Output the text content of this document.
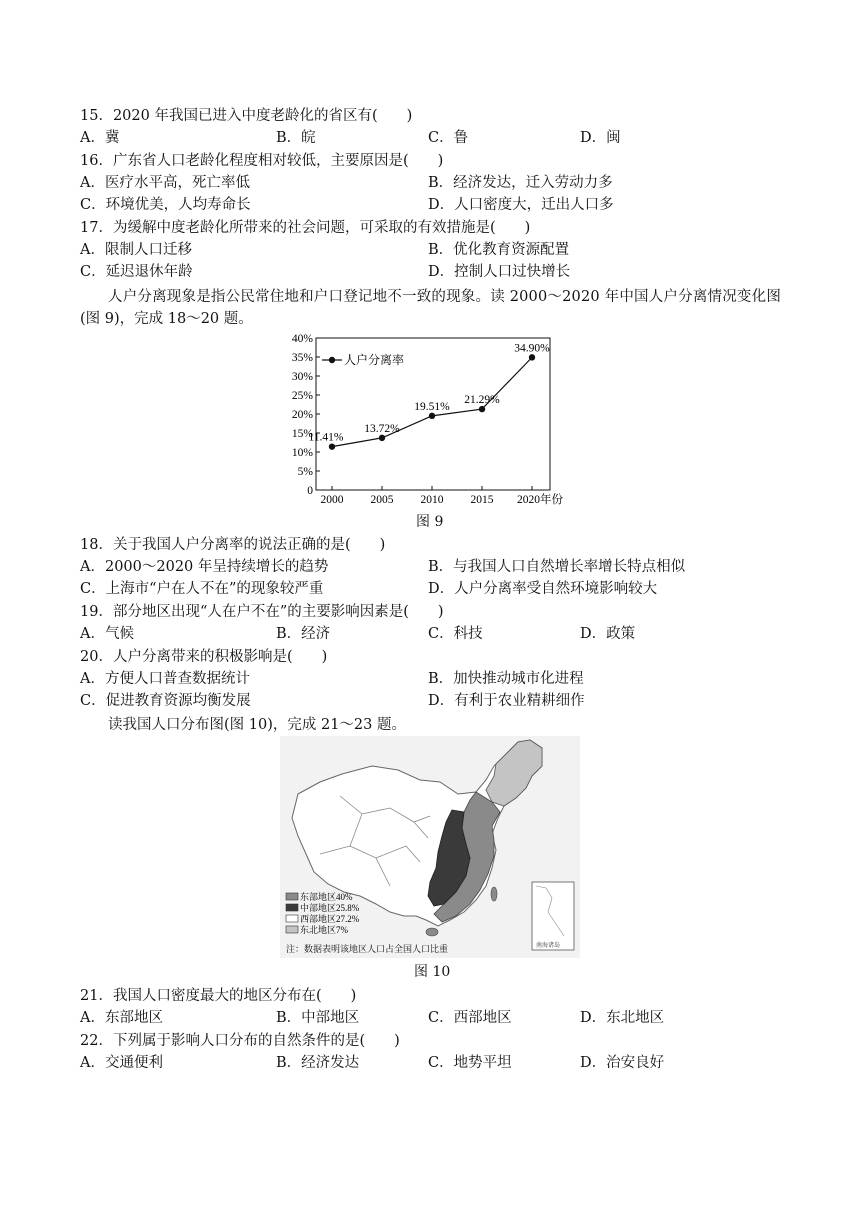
15．2020 年我国已进入中度老龄化的省区有(　　)
A．冀	B．皖	C．鲁	D．闽
16．广东省人口老龄化程度相对较低，主要原因是(　　)
A．医疗水平高，死亡率低	B．经济发达，迁入劳动力多
C．环境优美，人均寿命长	D．人口密度大，迁出人口多
17．为缓解中度老龄化所带来的社会问题，可采取的有效措施是(　　)
A．限制人口迁移	B．优化教育资源配置
C．延迟退休年龄	D．控制人口过快增长
人户分离现象是指公民常住地和户口登记地不一致的现象。读 2000～2020 年中国人户分离情况变化图
(图 9)，完成 18～20 题。
0
5%
10%
15%
20%
25%
30%
35%
40%
2000 2005 2010 2015 2020年份
11.41%
13.72%
19.51%
21.29%
34.90%
人户分离率
图 9
18．关于我国人户分离率的说法正确的是(　　)
A．2000～2020 年呈持续增长的趋势	B．与我国人口自然增长率增长特点相似
C．上海市“户在人不在”的现象较严重	D．人户分离率受自然环境影响较大
19．部分地区出现“人在户不在”的主要影响因素是(　　)
A．气候	B．经济	C．科技	D．政策
20．人户分离带来的积极影响是(　　)
A．方便人口普查数据统计	B．加快推动城市化进程
C．促进教育资源均衡发展	D．有利于农业精耕细作
读我国人口分布图(图 10)，完成 21～23 题。
南海诸岛
东部地区40%
中部地区25.8%
西部地区27.2%
东北地区7%
注：数据表明该地区人口占全国人口比重
图 10
21．我国人口密度最大的地区分布在(　　)
A．东部地区	B．中部地区	C．西部地区	D．东北地区
22．下列属于影响人口分布的自然条件的是(　　)
A．交通便利	B．经济发达	C．地势平坦	D．治安良好
